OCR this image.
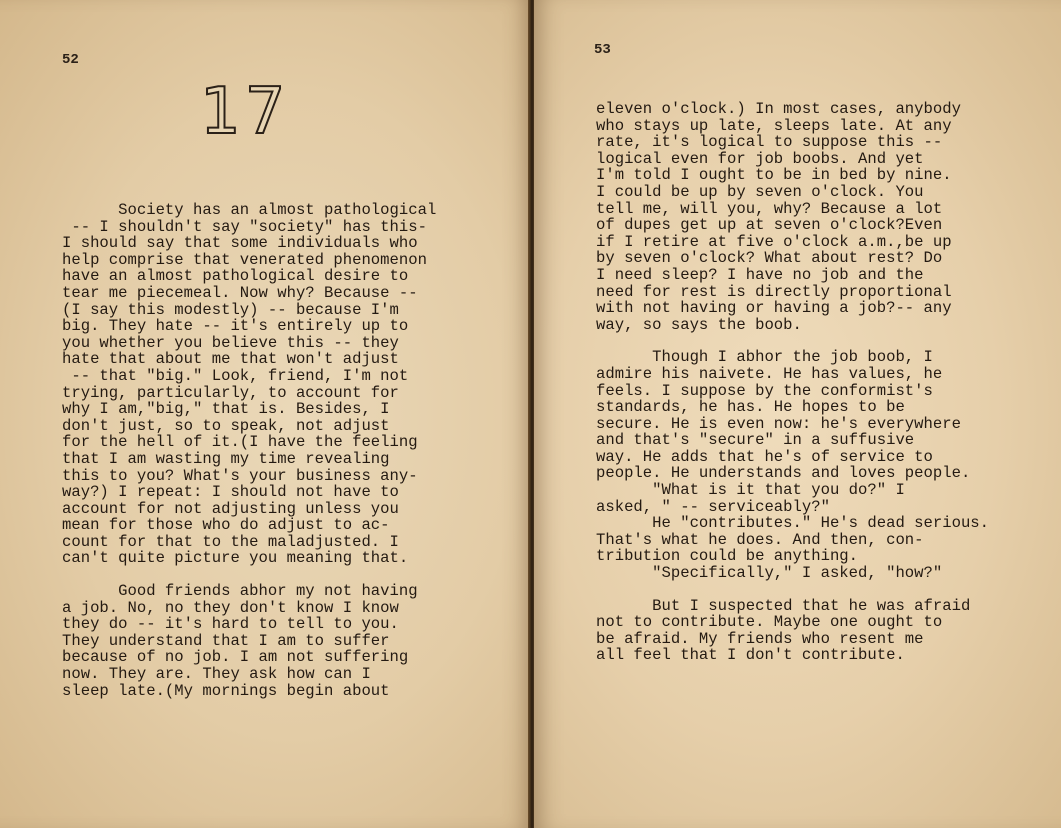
52
17
Society has an almost pathological
-- I shouldn't say "society" has this-
I should say that some individuals who
help comprise that venerated phenomenon
have an almost pathological desire to
tear me piecemeal. Now why? Because --
(I say this modestly) -- because I'm
big. They hate -- it's entirely up to
you whether you believe this -- they
hate that about me that won't adjust
-- that "big." Look, friend, I'm not
trying, particularly, to account for
why I am,"big," that is. Besides, I
don't just, so to speak, not adjust
for the hell of it.(I have the feeling
that I am wasting my time revealing
this to you? What's your business any-
way?) I repeat: I should not have to
account for not adjusting unless you
mean for those who do adjust to ac-
count for that to the maladjusted. I
can't quite picture you meaning that.
Good friends abhor my not having
a job. No, no they don't know I know
they do -- it's hard to tell to you.
They understand that I am to suffer
because of no job. I am not suffering
now. They are. They ask how can I
sleep late.(My mornings begin about
53
eleven o'clock.) In most cases, anybody
who stays up late, sleeps late. At any
rate, it's logical to suppose this --
logical even for job boobs. And yet
I'm told I ought to be in bed by nine.
I could be up by seven o'clock. You
tell me, will you, why? Because a lot
of dupes get up at seven o'clock?Even
if I retire at five o'clock a.m.,be up
by seven o'clock? What about rest? Do
I need sleep? I have no job and the
need for rest is directly proportional
with not having or having a job?-- any
way, so says the boob.
Though I abhor the job boob, I
admire his naivete. He has values, he
feels. I suppose by the conformist's
standards, he has. He hopes to be
secure. He is even now: he's everywhere
and that's "secure" in a suffusive
way. He adds that he's of service to
people. He understands and loves people.
"What is it that you do?" I
asked, " -- serviceably?"
He "contributes." He's dead serious.
That's what he does. And then, con-
tribution could be anything.
"Specifically," I asked, "how?"
But I suspected that he was afraid
not to contribute. Maybe one ought to
be afraid. My friends who resent me
all feel that I don't contribute.
